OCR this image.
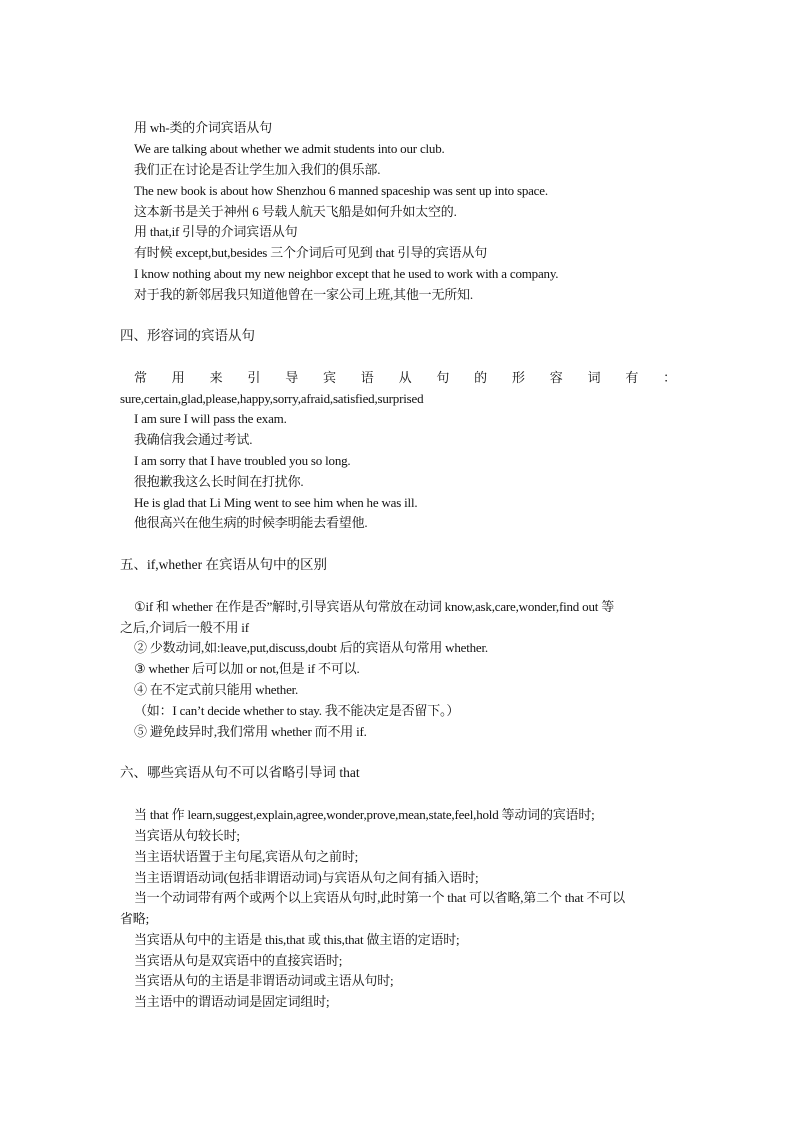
用 wh-类的介词宾语从句
We are talking about whether we admit students into our club.
我们正在讨论是否让学生加入我们的俱乐部.
The new book is about how Shenzhou 6 manned spaceship was sent up into space.
这本新书是关于神州 6 号载人航天飞船是如何升如太空的.
用 that,if 引导的介词宾语从句
有时候 except,but,besides 三个介词后可见到 that 引导的宾语从句
I know nothing about my new neighbor except that he used to work with a company.
对于我的新邻居我只知道他曾在一家公司上班,其他一无所知.
四、形容词的宾语从句
常 用 来 引 导 宾 语 从 句 的 形 容 词 有 ：
sure,certain,glad,please,happy,sorry,afraid,satisfied,surprised
I am sure I will pass the exam.
我确信我会通过考试.
I am sorry that I have troubled you so long.
很抱歉我这么长时间在打扰你.
He is glad that Li Ming went to see him when he was ill.
他很高兴在他生病的时候李明能去看望他.
五、if,whether 在宾语从句中的区别
①if 和 whether 在作是否”解时,引导宾语从句常放在动词 know,ask,care,wonder,find out 等
之后,介词后一般不用 if
② 少数动词,如:leave,put,discuss,doubt 后的宾语从句常用 whether.
③ whether 后可以加 or not,但是 if 不可以.
④ 在不定式前只能用 whether.
（如：I can’t decide whether to stay. 我不能决定是否留下。）
⑤ 避免歧异时,我们常用 whether 而不用 if.
六、哪些宾语从句不可以省略引导词 that
当 that 作 learn,suggest,explain,agree,wonder,prove,mean,state,feel,hold 等动词的宾语时;
当宾语从句较长时;
当主语状语置于主句尾,宾语从句之前时;
当主语谓语动词(包括非谓语动词)与宾语从句之间有插入语时;
当一个动词带有两个或两个以上宾语从句时,此时第一个 that 可以省略,第二个 that 不可以
省略;
当宾语从句中的主语是 this,that 或 this,that 做主语的定语时;
当宾语从句是双宾语中的直接宾语时;
当宾语从句的主语是非谓语动词或主语从句时;
当主语中的谓语动词是固定词组时;
